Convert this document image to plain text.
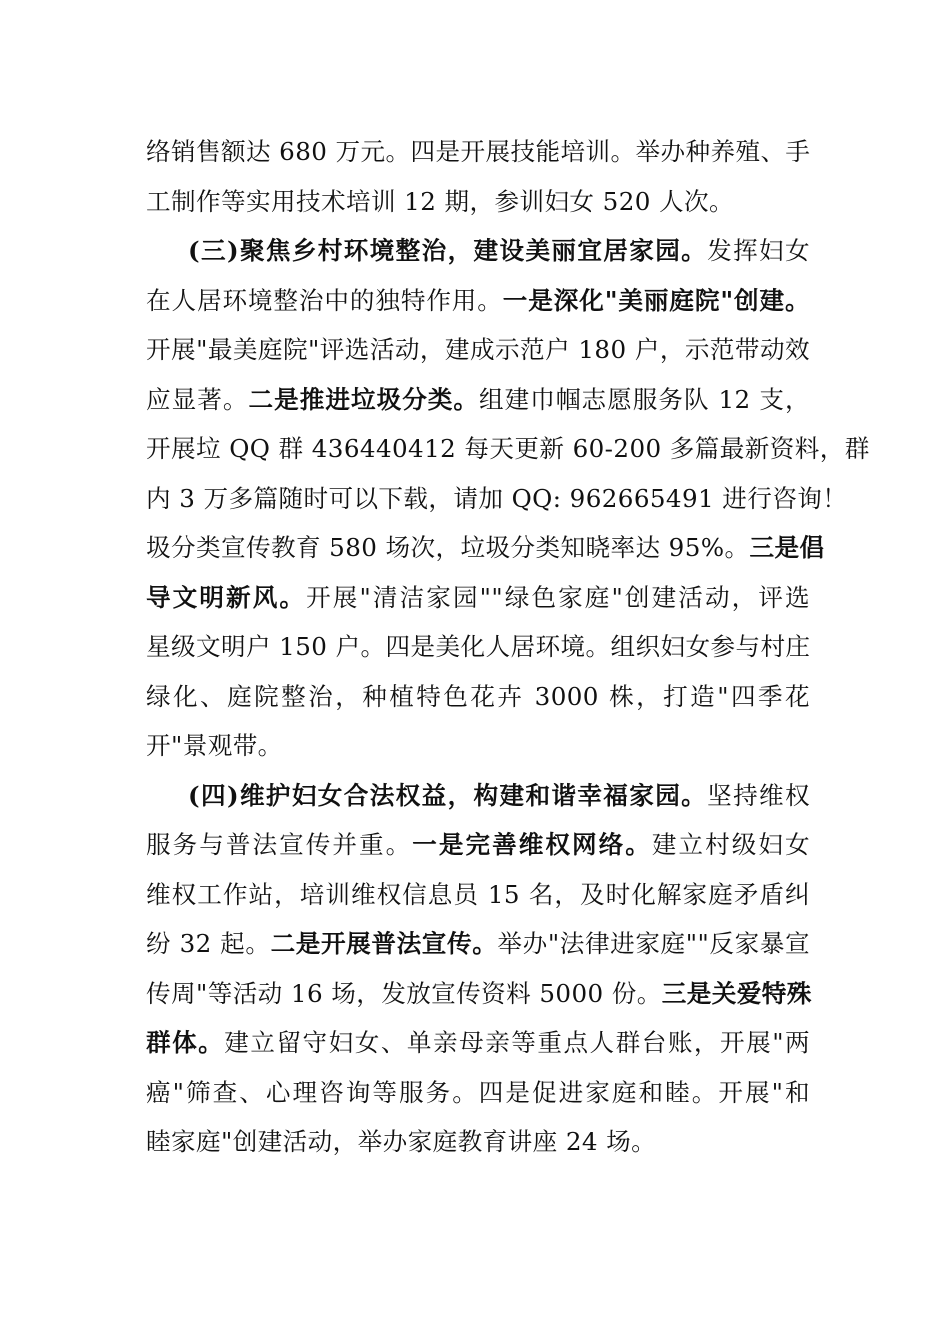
络销售额达 680 万元。四是开展技能培训。举办种养殖、手
工制作等实用技术培训 12 期，参训妇女 520 人次。
(三)聚焦乡村环境整治，建设美丽宜居家园。发挥妇女
在人居环境整治中的独特作用。一是深化"美丽庭院"创建。
开展"最美庭院"评选活动，建成示范户 180 户，示范带动效
应显著。二是推进垃圾分类。组建巾帼志愿服务队 12 支，
开展垃 QQ 群 436440412 每天更新 60-200 多篇最新资料，群
内 3 万多篇随时可以下载，请加 QQ: 962665491 进行咨询！
圾分类宣传教育 580 场次，垃圾分类知晓率达 95%。三是倡
导文明新风。开展"清洁家园""绿色家庭"创建活动，评选
星级文明户 150 户。四是美化人居环境。组织妇女参与村庄
绿化、庭院整治，种植特色花卉 3000 株，打造"四季花
开"景观带。
(四)维护妇女合法权益，构建和谐幸福家园。坚持维权
服务与普法宣传并重。一是完善维权网络。建立村级妇女
维权工作站，培训维权信息员 15 名，及时化解家庭矛盾纠
纷 32 起。二是开展普法宣传。举办"法律进家庭""反家暴宣
传周"等活动 16 场，发放宣传资料 5000 份。三是关爱特殊
群体。建立留守妇女、单亲母亲等重点人群台账，开展"两
癌"筛查、心理咨询等服务。四是促进家庭和睦。开展"和
睦家庭"创建活动，举办家庭教育讲座 24 场。
